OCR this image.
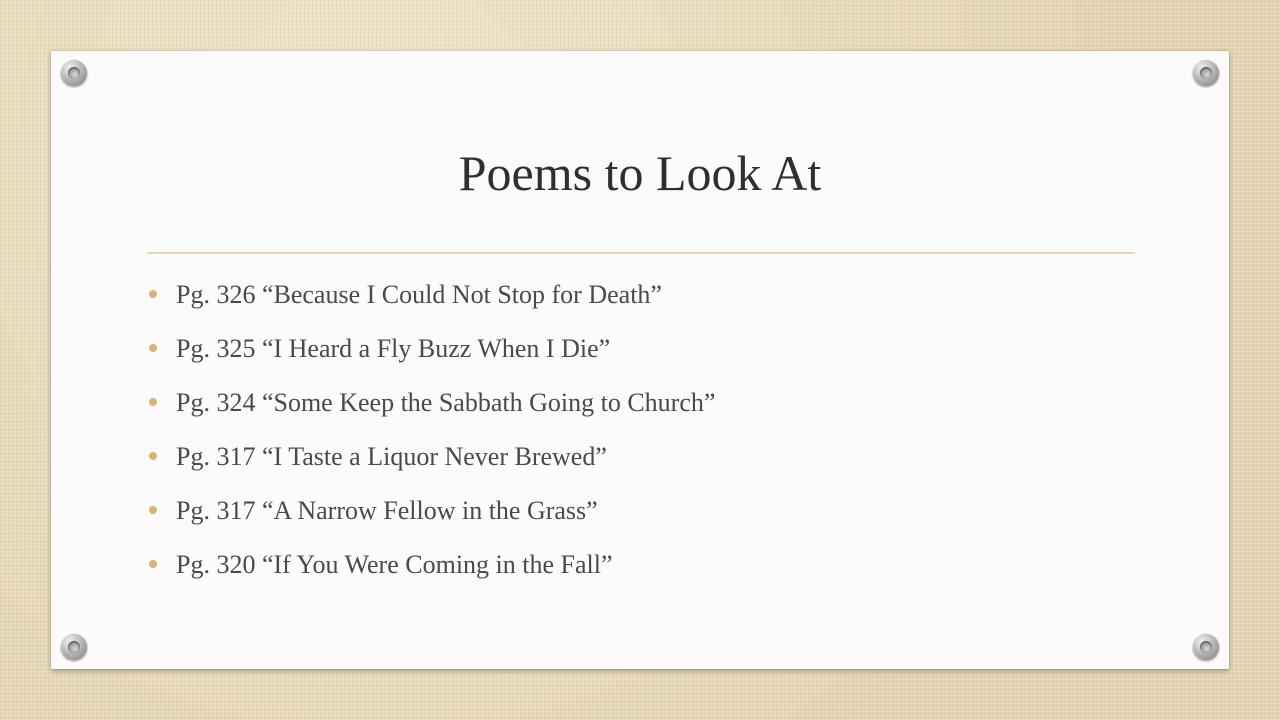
Poems to Look At
Pg. 326 “Because I Could Not Stop for Death”
Pg. 325 “I Heard a Fly Buzz When I Die”
Pg. 324 “Some Keep the Sabbath Going to Church”
Pg. 317 “I Taste a Liquor Never Brewed”
Pg. 317 “A Narrow Fellow in the Grass”
Pg. 320 “If You Were Coming in the Fall”
